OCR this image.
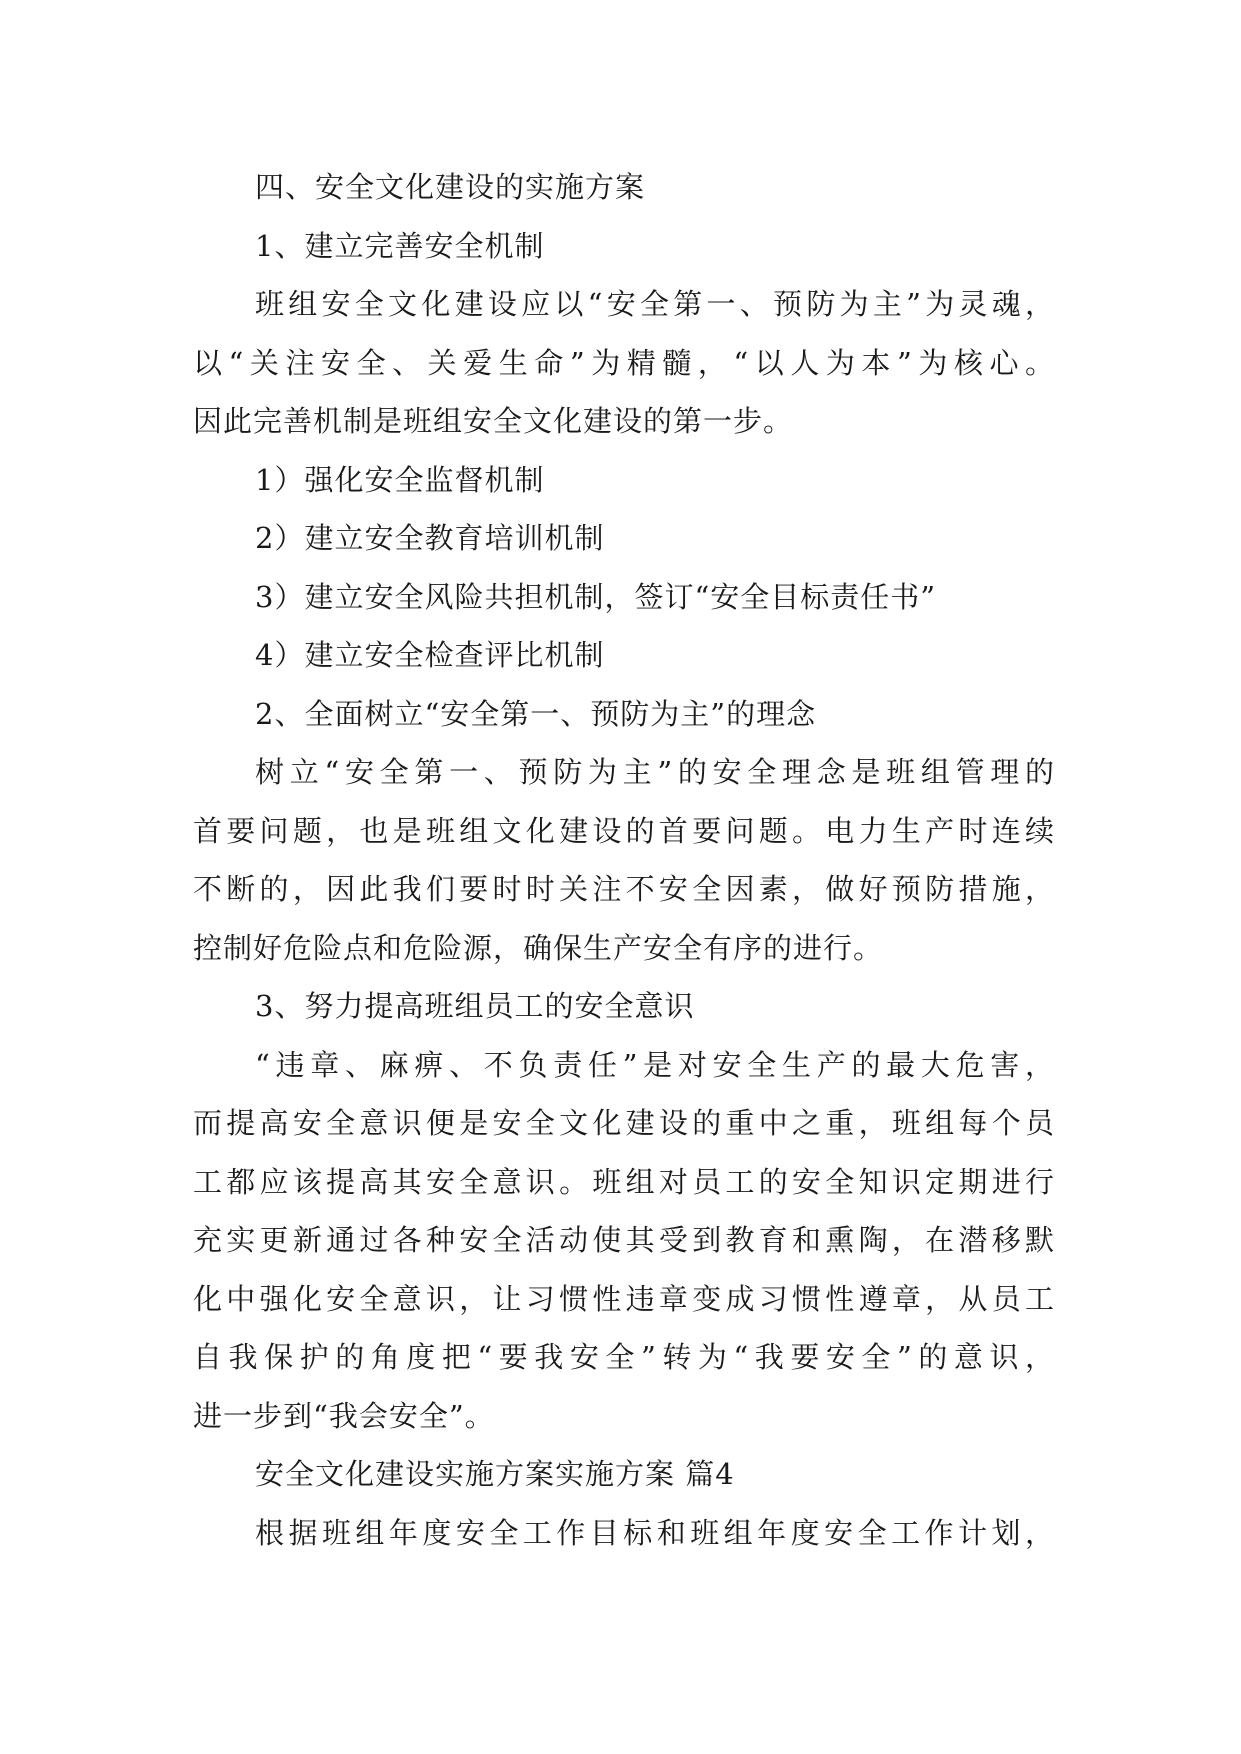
四、安全文化建设的实施方案
1、建立完善安全机制
班组安全文化建设应以“安全第一、预防为主”为灵魂，
以“关注安全、关爱生命”为精髓，“以人为本”为核心。
因此完善机制是班组安全文化建设的第一步。
1）强化安全监督机制
2）建立安全教育培训机制
3）建立安全风险共担机制，签订“安全目标责任书”
4）建立安全检查评比机制
2、全面树立“安全第一、预防为主”的理念
树立“安全第一、预防为主”的安全理念是班组管理的
首要问题，也是班组文化建设的首要问题。电力生产时连续
不断的，因此我们要时时关注不安全因素，做好预防措施，
控制好危险点和危险源，确保生产安全有序的进行。
3、努力提高班组员工的安全意识
“违章、麻痹、不负责任”是对安全生产的最大危害，
而提高安全意识便是安全文化建设的重中之重，班组每个员
工都应该提高其安全意识。班组对员工的安全知识定期进行
充实更新通过各种安全活动使其受到教育和熏陶，在潜移默
化中强化安全意识，让习惯性违章变成习惯性遵章，从员工
自我保护的角度把“要我安全”转为“我要安全”的意识，
进一步到“我会安全”。
安全文化建设实施方案实施方案 篇4
根据班组年度安全工作目标和班组年度安全工作计划，
